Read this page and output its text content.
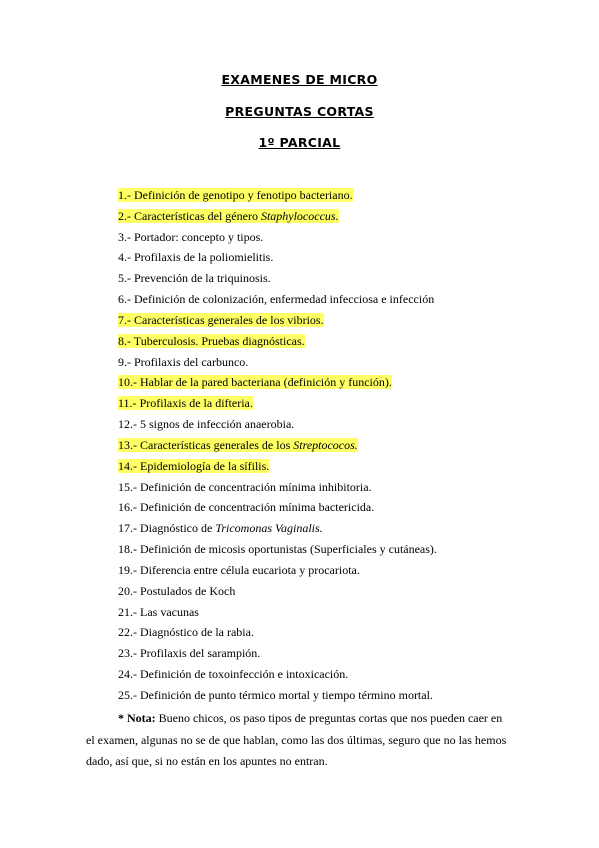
EXAMENES DE MICRO
PREGUNTAS CORTAS
1º PARCIAL
1.- Definición de genotipo y fenotipo bacteriano.
2.- Características del género Staphylococcus.
3.- Portador: concepto y tipos.
4.- Profilaxis de la poliomielitis.
5.- Prevención de la triquinosis.
6.- Definición de colonización, enfermedad infecciosa e infección
7.- Características generales de los vibrios.
8.- Tuberculosis. Pruebas diagnósticas.
9.- Profilaxis del carbunco.
10.- Hablar de la pared bacteriana (definición y función).
11.- Profilaxis de la difteria.
12.- 5 signos de infección anaerobia.
13.- Características generales de los Streptococos.
14.- Epidemiología de la sífilis.
15.- Definición de concentración mínima inhibitoria.
16.- Definición de concentración mínima bactericida.
17.- Diagnóstico de Tricomonas Vaginalis.
18.- Definición de micosis oportunistas (Superficiales y cutáneas).
19.- Diferencia entre célula eucariota y procariota.
20.- Postulados de Koch
21.- Las vacunas
22.- Diagnóstico de la rabia.
23.- Profilaxis del sarampión.
24.- Definición de toxoinfección e intoxicación.
25.- Definición de punto térmico mortal y tiempo término mortal.
* Nota: Bueno chicos, os paso tipos de preguntas cortas que nos pueden caer en
el examen, algunas no se de que hablan, como las dos últimas, seguro que no las hemos
dado, así que, si no están en los apuntes no entran.
